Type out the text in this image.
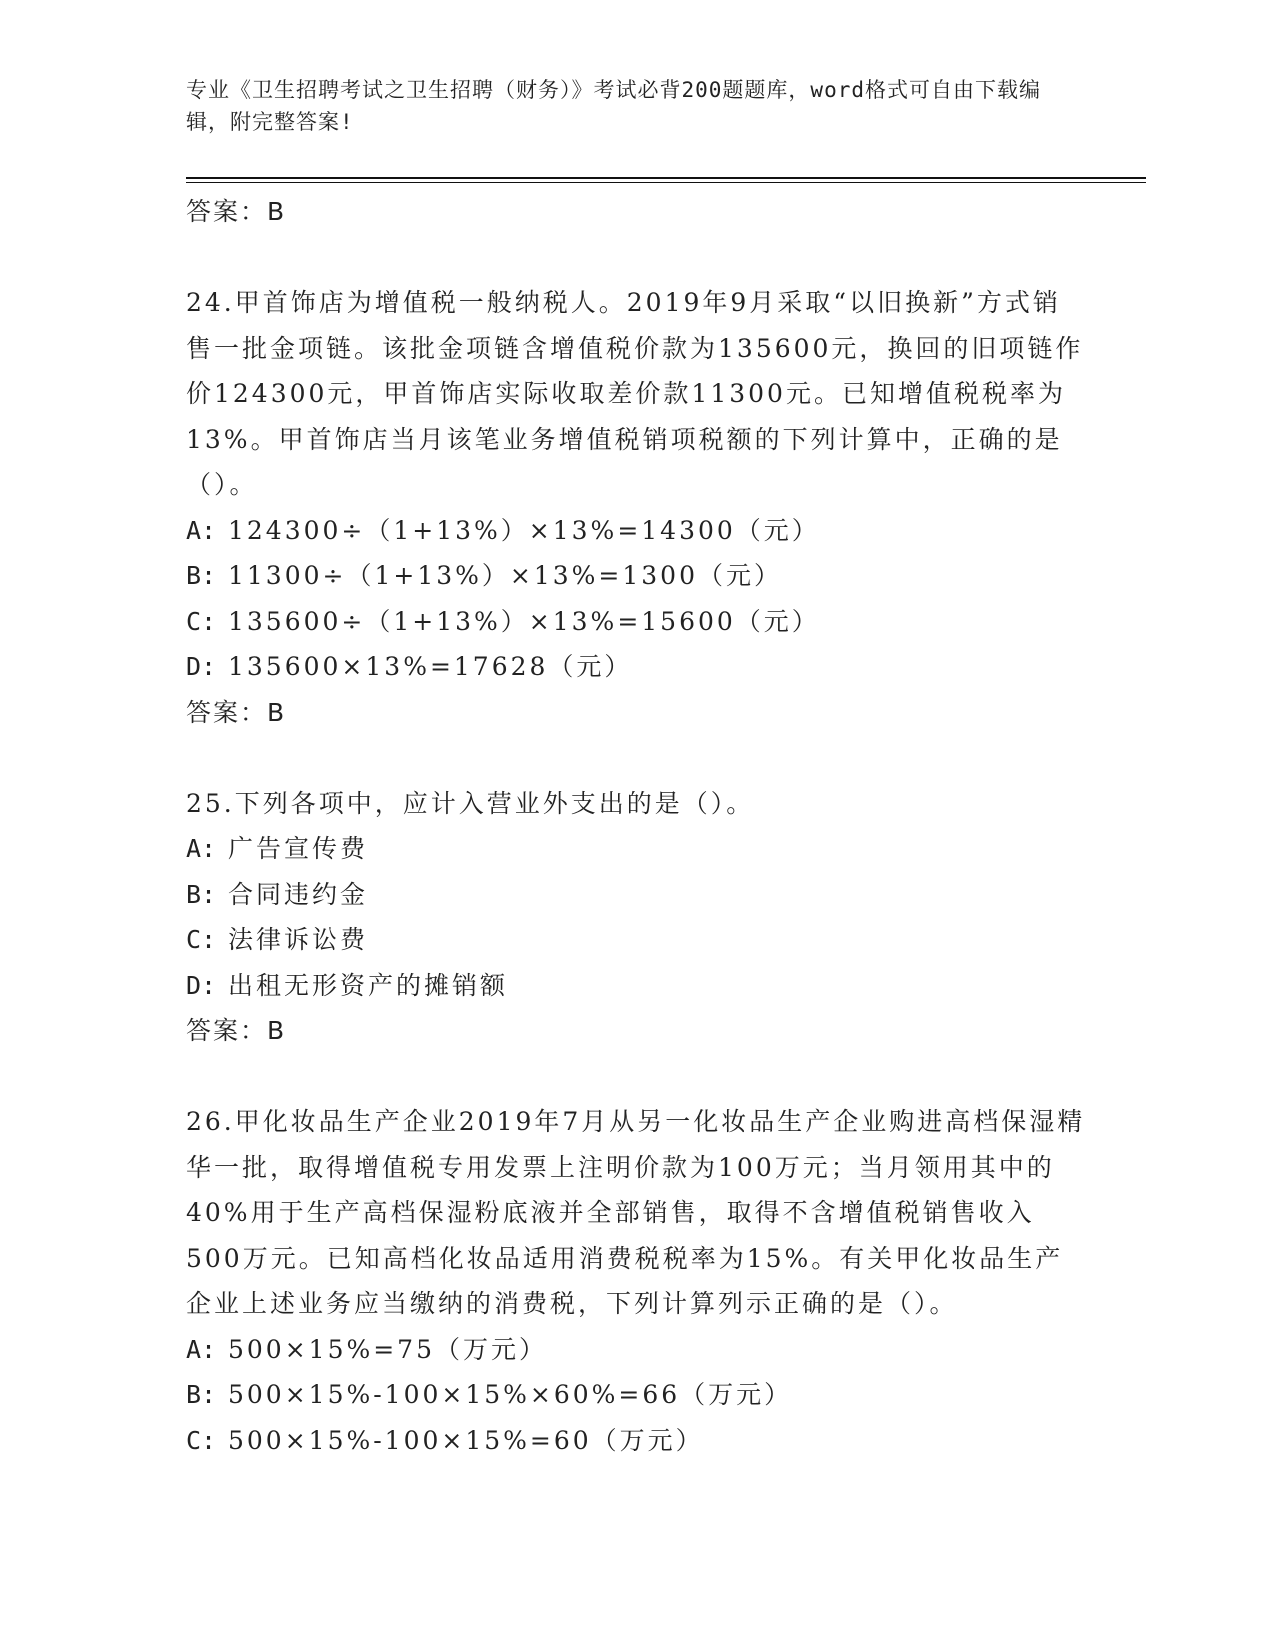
专业《卫生招聘考试之卫生招聘（财务）》考试必背200题题库，word格式可自由下载编辑，附完整答案!
答案：B
24.甲首饰店为增值税一般纳税人。2019年9月采取“以旧换新”方式销售一批金项链。该批金项链含增值税价款为135600元，换回的旧项链作价124300元，甲首饰店实际收取差价款11300元。已知增值税税率为13%。甲首饰店当月该笔业务增值税销项税额的下列计算中，正确的是（）。
A: 124300÷（1+13%）×13%=14300（元）
B: 11300÷（1+13%）×13%=1300（元）
C: 135600÷（1+13%）×13%=15600（元）
D: 135600×13%=17628（元）
答案：B
25.下列各项中，应计入营业外支出的是（）。
A: 广告宣传费
B: 合同违约金
C: 法律诉讼费
D: 出租无形资产的摊销额
答案：B
26.甲化妆品生产企业2019年7月从另一化妆品生产企业购进高档保湿精华一批，取得增值税专用发票上注明价款为100万元；当月领用其中的40%用于生产高档保湿粉底液并全部销售，取得不含增值税销售收入500万元。已知高档化妆品适用消费税税率为15%。有关甲化妆品生产企业上述业务应当缴纳的消费税，下列计算列示正确的是（）。
A: 500×15%=75（万元）
B: 500×15%-100×15%×60%=66（万元）
C: 500×15%-100×15%=60（万元）
